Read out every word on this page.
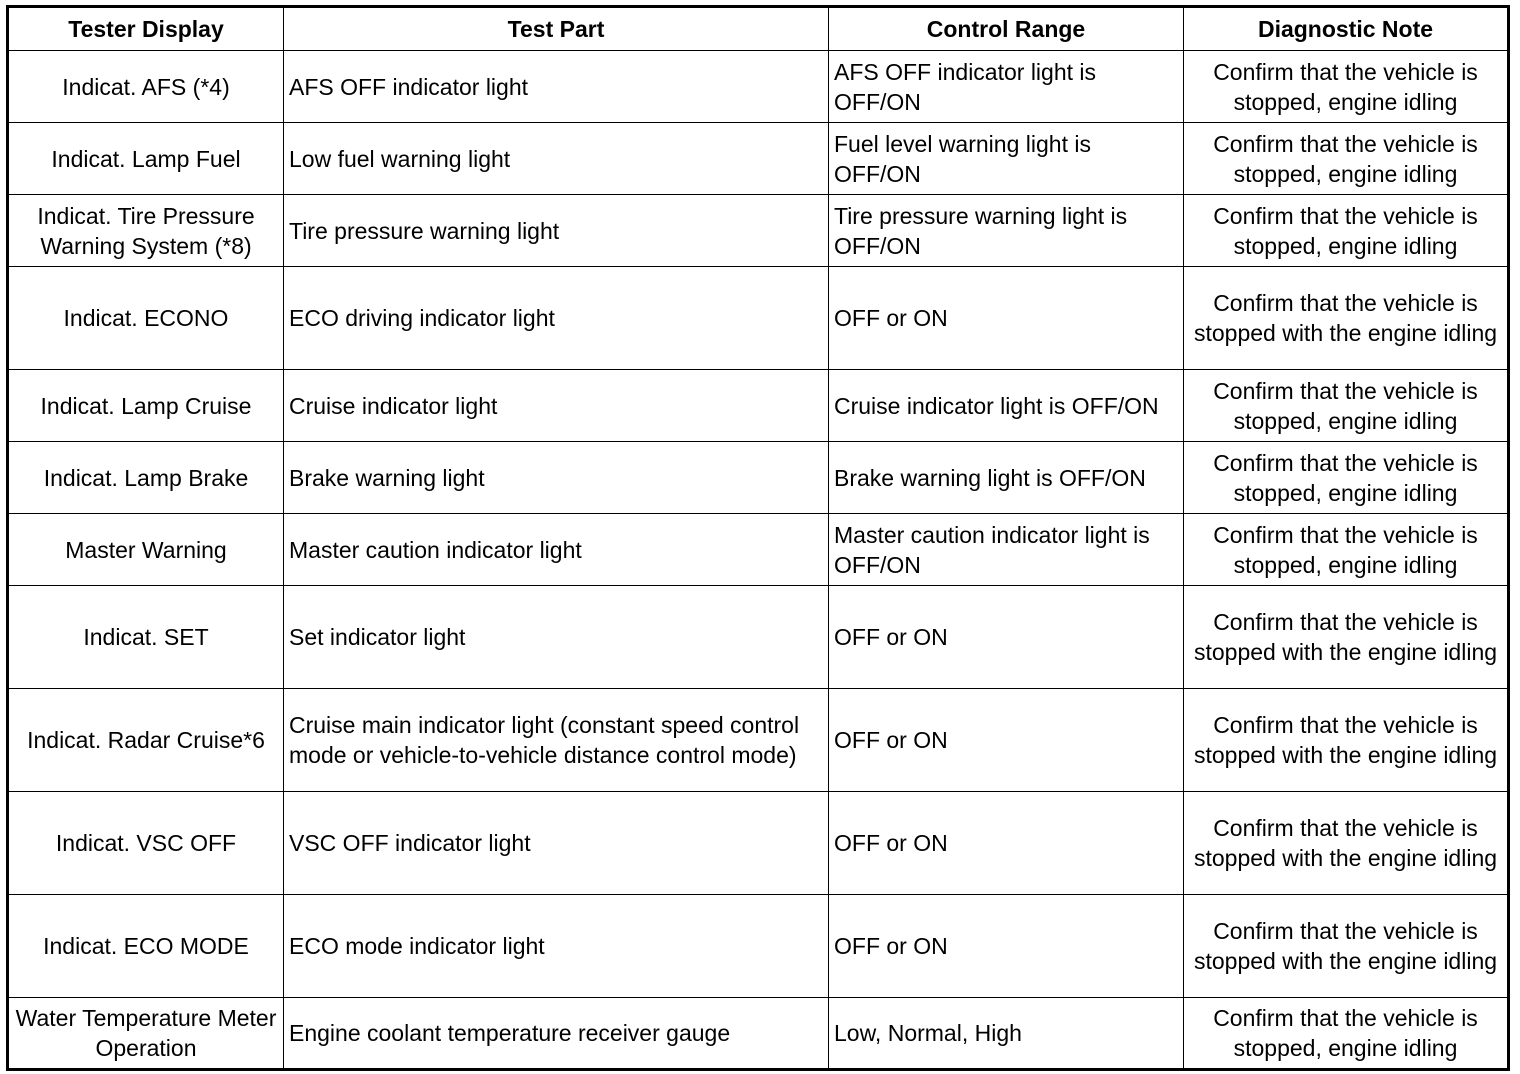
Tester Display	Test Part	Control Range	Diagnostic Note
Indicat. AFS (*4)	AFS OFF indicator light	AFS OFF indicator light is OFF/ON	Confirm that the vehicle is stopped, engine idling
Indicat. Lamp Fuel	Low fuel warning light	Fuel level warning light is OFF/ON	Confirm that the vehicle is stopped, engine idling
Indicat. Tire Pressure Warning System (*8)	Tire pressure warning light	Tire pressure warning light is OFF/ON	Confirm that the vehicle is stopped, engine idling
Indicat. ECONO	ECO driving indicator light	OFF or ON	Confirm that the vehicle is stopped with the engine idling
Indicat. Lamp Cruise	Cruise indicator light	Cruise indicator light is OFF/ON	Confirm that the vehicle is stopped, engine idling
Indicat. Lamp Brake	Brake warning light	Brake warning light is OFF/ON	Confirm that the vehicle is stopped, engine idling
Master Warning	Master caution indicator light	Master caution indicator light is OFF/ON	Confirm that the vehicle is stopped, engine idling
Indicat. SET	Set indicator light	OFF or ON	Confirm that the vehicle is stopped with the engine idling
Indicat. Radar Cruise*6	Cruise main indicator light (constant speed control mode or vehicle-to-vehicle distance control mode)	OFF or ON	Confirm that the vehicle is stopped with the engine idling
Indicat. VSC OFF	VSC OFF indicator light	OFF or ON	Confirm that the vehicle is stopped with the engine idling
Indicat. ECO MODE	ECO mode indicator light	OFF or ON	Confirm that the vehicle is stopped with the engine idling
Water Temperature Meter Operation	Engine coolant temperature receiver gauge	Low, Normal, High	Confirm that the vehicle is stopped, engine idling
